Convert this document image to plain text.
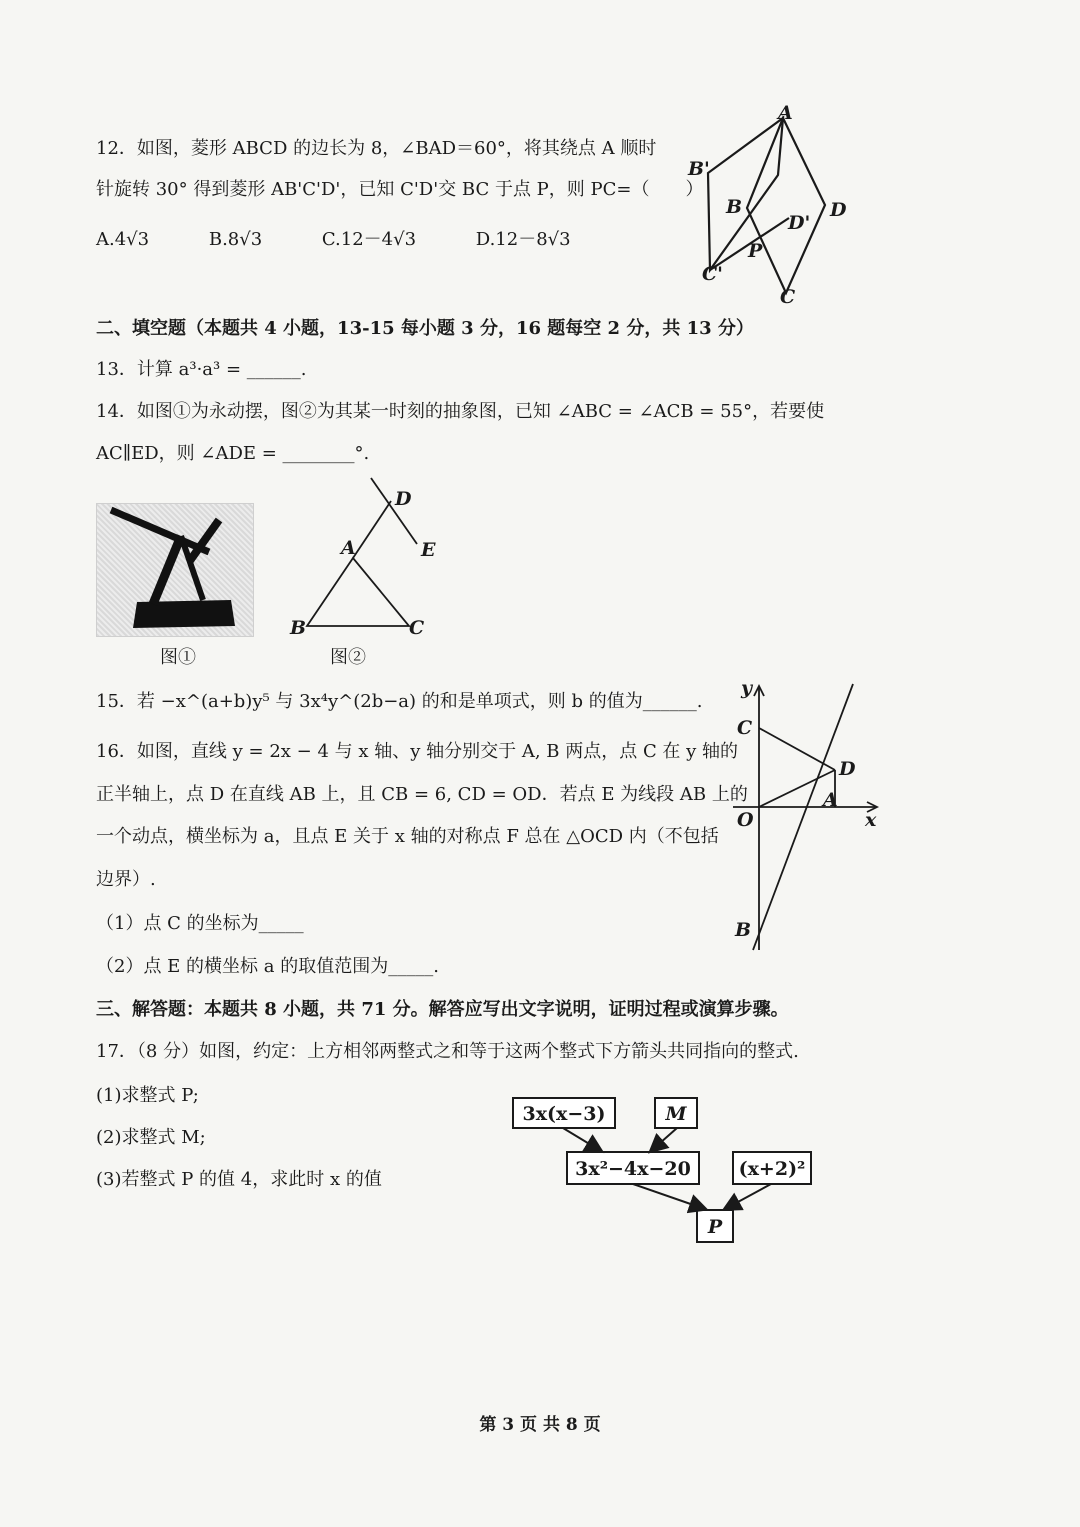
12．如图，菱形 ABCD 的边长为 8，∠BAD＝60°，将其绕点 A 顺时
针旋转 30° 得到菱形 AB'C'D'，已知 C'D'交 BC 于点 P，则 PC=（　　）
A.4√3	B.8√3	C.12－4√3	D.12－8√3
A
B'
B
D'
D
P
C'
C
二、填空题（本题共 4 小题，13-15 每小题 3 分，16 题每空 2 分，共 13 分）
13．计算 a³·a³ = ______.
14．如图①为永动摆，图②为其某一时刻的抽象图，已知 ∠ABC = ∠ACB = 55°，若要使
AC∥ED，则 ∠ADE = ________°.
图①
D
A	E
B	C
图②
15．若 −x^(a+b)y⁵ 与 3x⁴y^(2b−a) 的和是单项式，则 b 的值为______.
16．如图，直线 y = 2x − 4 与 x 轴、y 轴分别交于 A, B 两点，点 C 在 y 轴的
正半轴上，点 D 在直线 AB 上，且 CB = 6, CD = OD．若点 E 为线段 AB 上的
一个动点，横坐标为 a，且点 E 关于 x 轴的对称点 F 总在 △OCD 内（不包括
边界）.
（1）点 C 的坐标为_____
（2）点 E 的横坐标 a 的取值范围为_____.
y
C
D
A
O	x
B
三、解答题：本题共 8 小题，共 71 分。解答应写出文字说明，证明过程或演算步骤。
17．（8 分）如图，约定：上方相邻两整式之和等于这两个整式下方箭头共同指向的整式.
(1)求整式 P;
(2)求整式 M;
(3)若整式 P 的值 4，求此时 x 的值
3x(x−3)	M
3x²−4x−20	(x+2)²
P
第 3 页 共 8 页
